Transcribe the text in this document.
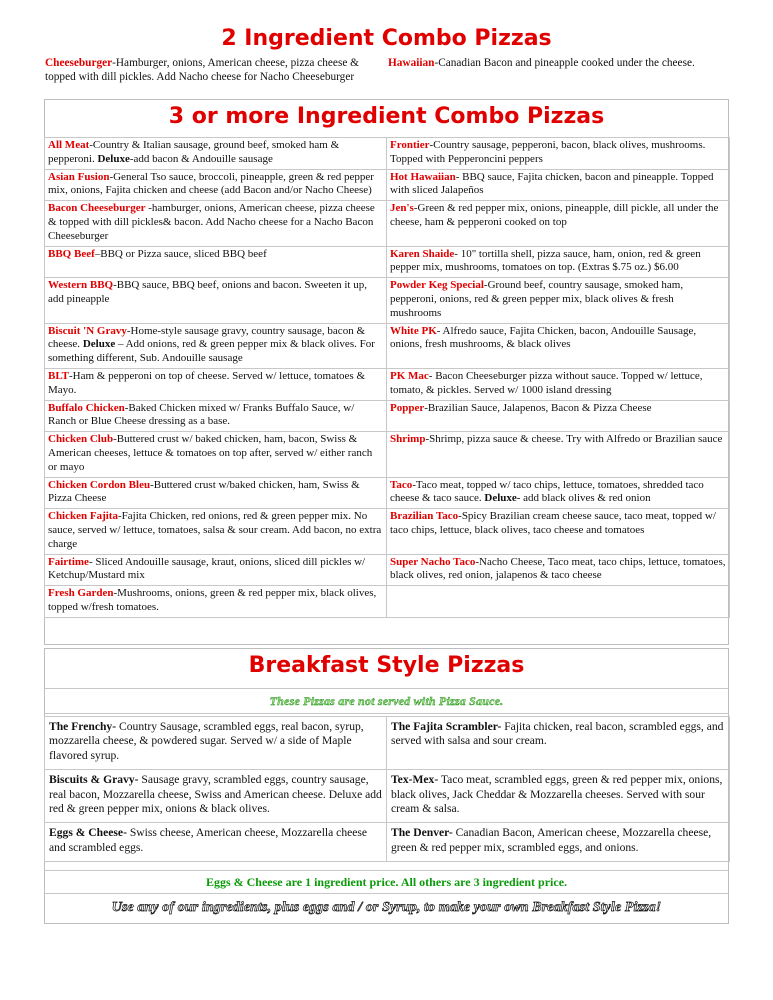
2 Ingredient Combo Pizzas
Cheeseburger-Hamburger, onions, American cheese, pizza cheese & topped with dill pickles. Add Nacho cheese for Nacho Cheeseburger
Hawaiian-Canadian Bacon and pineapple cooked under the cheese.
3 or more Ingredient Combo Pizzas
All Meat-Country & Italian sausage, ground beef, smoked ham & pepperoni. Deluxe-add bacon & Andouille sausage	Frontier-Country sausage, pepperoni, bacon, black olives, mushrooms. Topped with Pepperoncini peppers
Asian Fusion-General Tso sauce, broccoli, pineapple, green & red pepper mix, onions, Fajita chicken and cheese (add Bacon and/or Nacho Cheese)	Hot Hawaiian- BBQ sauce, Fajita chicken, bacon and pineapple. Topped with sliced Jalapeños
Bacon Cheeseburger -hamburger, onions, American cheese, pizza cheese & topped with dill pickles& bacon. Add Nacho cheese for a Nacho Bacon Cheeseburger	Jen's-Green & red pepper mix, onions, pineapple, dill pickle, all under the cheese, ham & pepperoni cooked on top
BBQ Beef–BBQ or Pizza sauce, sliced BBQ beef	Karen Shaide- 10" tortilla shell, pizza sauce, ham, onion, red & green pepper mix, mushrooms, tomatoes on top. (Extras $.75 oz.) $6.00
Western BBQ-BBQ sauce, BBQ beef, onions and bacon. Sweeten it up, add pineapple	Powder Keg Special-Ground beef, country sausage, smoked ham, pepperoni, onions, red & green pepper mix, black olives & fresh mushrooms
Biscuit 'N Gravy-Home-style sausage gravy, country sausage, bacon & cheese. Deluxe – Add onions, red & green pepper mix & black olives. For something different, Sub. Andouille sausage	White PK- Alfredo sauce, Fajita Chicken, bacon, Andouille Sausage, onions, fresh mushrooms, & black olives
BLT-Ham & pepperoni on top of cheese. Served w/ lettuce, tomatoes & Mayo.	PK Mac- Bacon Cheeseburger pizza without sauce. Topped w/ lettuce, tomato, & pickles. Served w/ 1000 island dressing
Buffalo Chicken-Baked Chicken mixed w/ Franks Buffalo Sauce, w/ Ranch or Blue Cheese dressing as a base.	Popper-Brazilian Sauce, Jalapenos, Bacon & Pizza Cheese
Chicken Club-Buttered crust w/ baked chicken, ham, bacon, Swiss & American cheeses, lettuce & tomatoes on top after, served w/ either ranch or mayo	Shrimp-Shrimp, pizza sauce & cheese. Try with Alfredo or Brazilian sauce
Chicken Cordon Bleu-Buttered crust w/baked chicken, ham, Swiss & Pizza Cheese	Taco-Taco meat, topped w/ taco chips, lettuce, tomatoes, shredded taco cheese & taco sauce. Deluxe- add black olives & red onion
Chicken Fajita-Fajita Chicken, red onions, red & green pepper mix. No sauce, served w/ lettuce, tomatoes, salsa & sour cream. Add bacon, no extra charge	Brazilian Taco-Spicy Brazilian cream cheese sauce, taco meat, topped w/ taco chips, lettuce, black olives, taco cheese and tomatoes
Fairtime- Sliced Andouille sausage, kraut, onions, sliced dill pickles w/ Ketchup/Mustard mix	Super Nacho Taco-Nacho Cheese, Taco meat, taco chips, lettuce, tomatoes, black olives, red onion, jalapenos & taco cheese
Fresh Garden-Mushrooms, onions, green & red pepper mix, black olives, topped w/fresh tomatoes.	
Breakfast Style Pizzas
These Pizzas are not served with Pizza Sauce.
The Frenchy- Country Sausage, scrambled eggs, real bacon, syrup, mozzarella cheese, & powdered sugar. Served w/ a side of Maple flavored syrup.	The Fajita Scrambler- Fajita chicken, real bacon, scrambled eggs, and served with salsa and sour cream.
Biscuits & Gravy- Sausage gravy, scrambled eggs, country sausage, real bacon, Mozzarella cheese, Swiss and American cheese. Deluxe add red & green pepper mix, onions & black olives.	Tex-Mex- Taco meat, scrambled eggs, green & red pepper mix, onions, black olives, Jack Cheddar & Mozzarella cheeses. Served with sour cream & salsa.
Eggs & Cheese- Swiss cheese, American cheese, Mozzarella cheese and scrambled eggs.	The Denver- Canadian Bacon, American cheese, Mozzarella cheese, green & red pepper mix, scrambled eggs, and onions.
Eggs & Cheese are 1 ingredient price. All others are 3 ingredient price.
Use any of our ingredients, plus eggs and / or Syrup, to make your own Breakfast Style Pizza!
